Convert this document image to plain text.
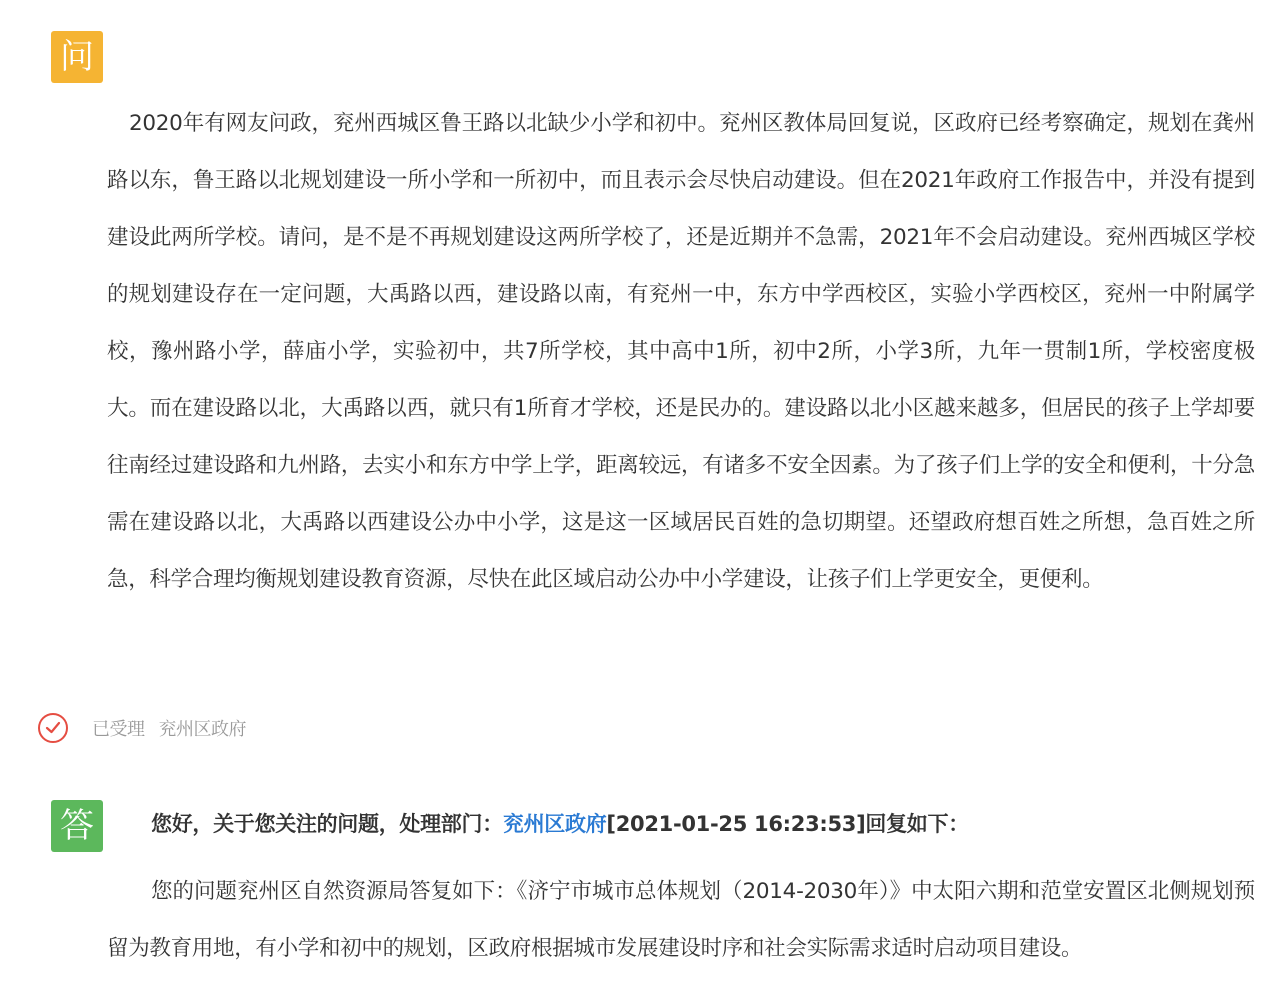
问

2020年有网友问政，兖州西城区鲁王路以北缺少小学和初中。兖州区教体局回复说，区政府已经考察确定，规划在龚州路以东，鲁王路以北规划建设一所小学和一所初中，而且表示会尽快启动建设。但在2021年政府工作报告中，并没有提到建设此两所学校。请问，是不是不再规划建设这两所学校了，还是近期并不急需，2021年不会启动建设。兖州西城区学校的规划建设存在一定问题，大禹路以西，建设路以南，有兖州一中，东方中学西校区，实验小学西校区，兖州一中附属学校，豫州路小学，薛庙小学，实验初中，共7所学校，其中高中1所，初中2所，小学3所，九年一贯制1所，学校密度极大。而在建设路以北，大禹路以西，就只有1所育才学校，还是民办的。建设路以北小区越来越多，但居民的孩子上学却要往南经过建设路和九州路，去实小和东方中学上学，距离较远，有诸多不安全因素。为了孩子们上学的安全和便利，十分急需在建设路以北，大禹路以西建设公办中小学，这是这一区域居民百姓的急切期望。还望政府想百姓之所想，急百姓之所急，科学合理均衡规划建设教育资源，尽快在此区域启动公办中小学建设，让孩子们上学更安全，更便利。

已受理 兖州区政府
答	您好，关于您关注的问题，处理部门：兖州区政府[2021-01-25 16:23:53]回复如下：

您的问题兖州区自然资源局答复如下：《济宁市城市总体规划（2014-2030年）》中太阳六期和范堂安置区北侧规划预留为教育用地，有小学和初中的规划，区政府根据城市发展建设时序和社会实际需求适时启动项目建设。
